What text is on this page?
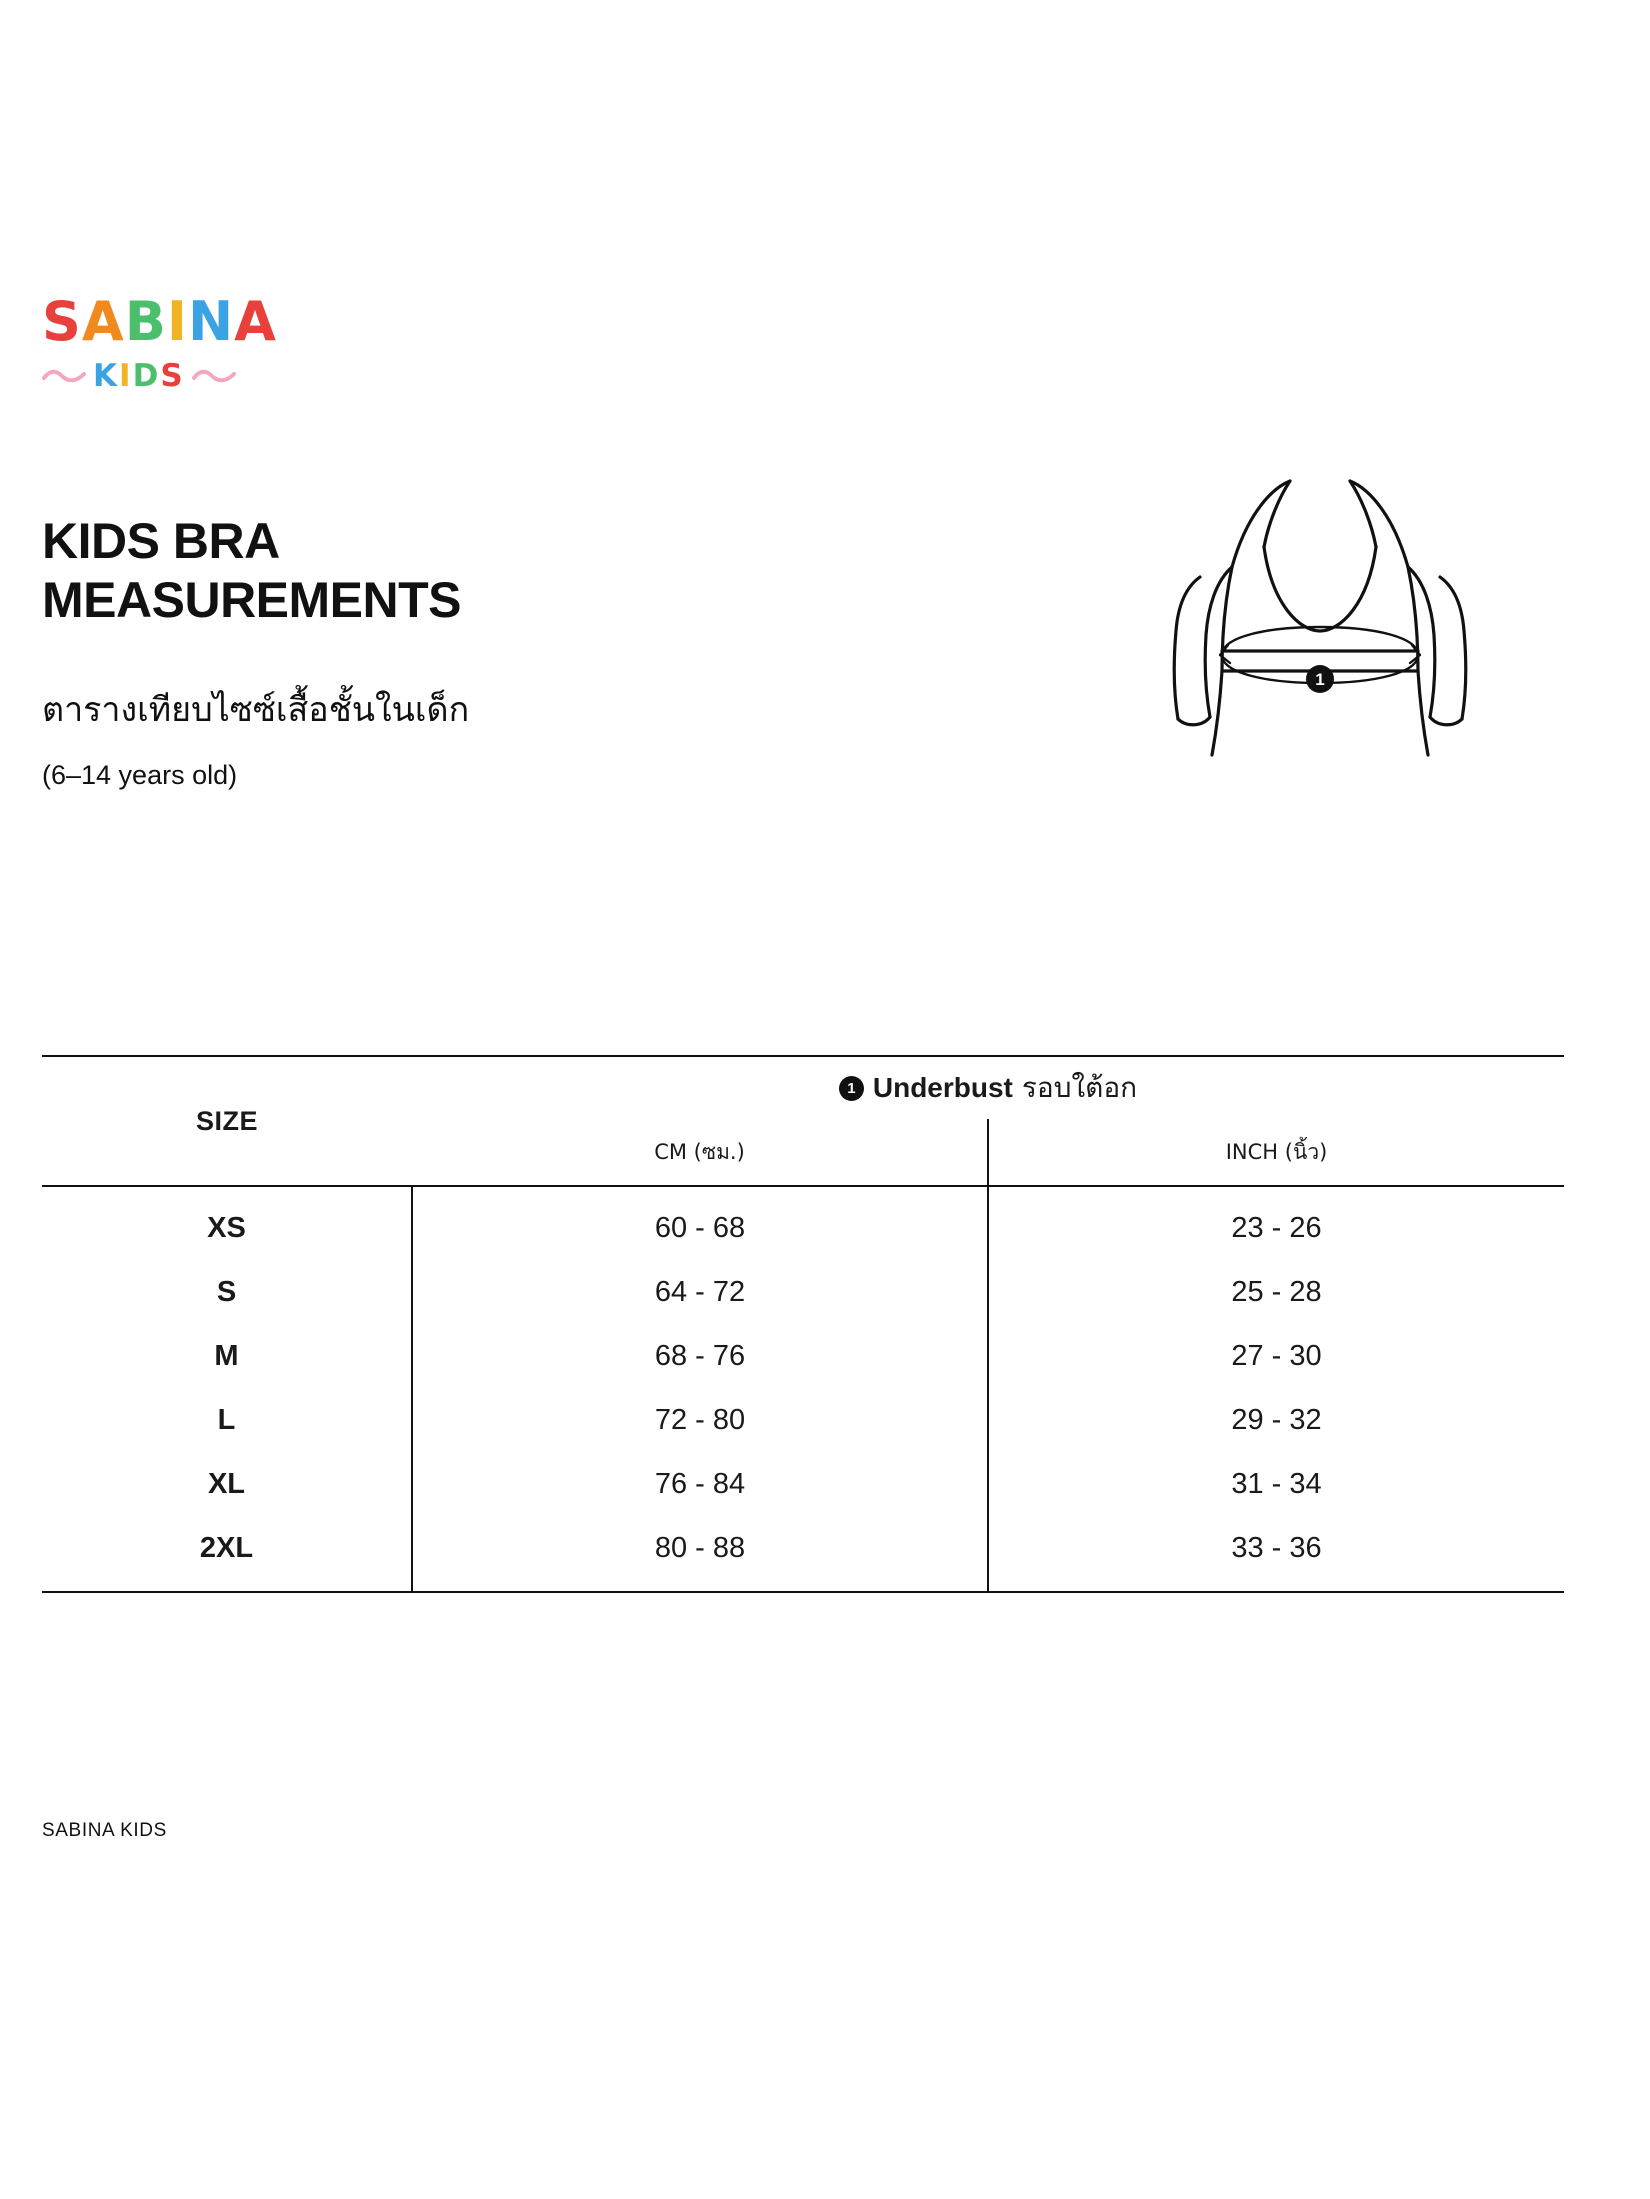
SABINA
KIDS
KIDS BRA
MEASUREMENTS
ตารางเทียบไซซ์เสื้อชั้นในเด็ก
(6–14 years old)
1
SIZE	1 Underbust รอบใต้อก
CM (ซม.) INCH (นิ้ว)	

XS	60 - 68	23 - 26
S	64 - 72	25 - 28
M	68 - 76	27 - 30
L	72 - 80	29 - 32
XL	76 - 84	31 - 34
2XL	80 - 88	33 - 36
SABINA KIDS
